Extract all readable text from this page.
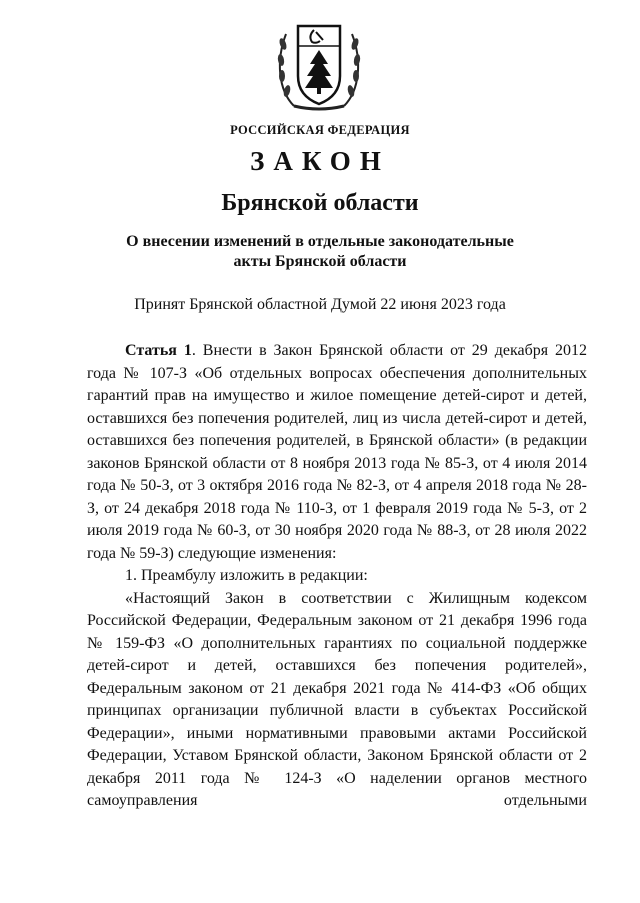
РОССИЙСКАЯ ФЕДЕРАЦИЯ
ЗАКОН
Брянской области
О внесении изменений в отдельные законодательные
акты Брянской области
Принят Брянской областной Думой 22 июня 2023 года

Статья 1. Внести в Закон Брянской области от 29 декабря 2012 года № 107-З «Об отдельных вопросах обеспечения дополнительных гарантий прав на имущество и жилое помещение детей-сирот и детей, оставшихся без попечения родителей, лиц из числа детей-сирот и детей, оставшихся без попечения родителей, в Брянской области» (в редакции законов Брянской области от 8 ноября 2013 года № 85-З, от 4 июля 2014 года № 50-З, от 3 октября 2016 года № 82-З, от 4 апреля 2018 года № 28-З, от 24 декабря 2018 года № 110-З, от 1 февраля 2019 года № 5-З, от 2 июля 2019 года № 60-З, от 30 ноября 2020 года № 88-З, от 28 июля 2022 года № 59-З) следующие изменения:

1. Преамбулу изложить в редакции:

«Настоящий Закон в соответствии с Жилищным кодексом Российской Федерации, Федеральным законом от 21 декабря 1996 года № 159-ФЗ «О дополнительных гарантиях по социальной поддержке детей-сирот и детей, оставшихся без попечения родителей», Федеральным законом от 21 декабря 2021 года № 414-ФЗ «Об общих принципах организации публичной власти в субъектах Российской Федерации», иными нормативными правовыми актами Российской Федерации, Уставом Брянской области, Законом Брянской области от 2 декабря 2011 года № 124-З «О наделении органов местного самоуправления отдельными
